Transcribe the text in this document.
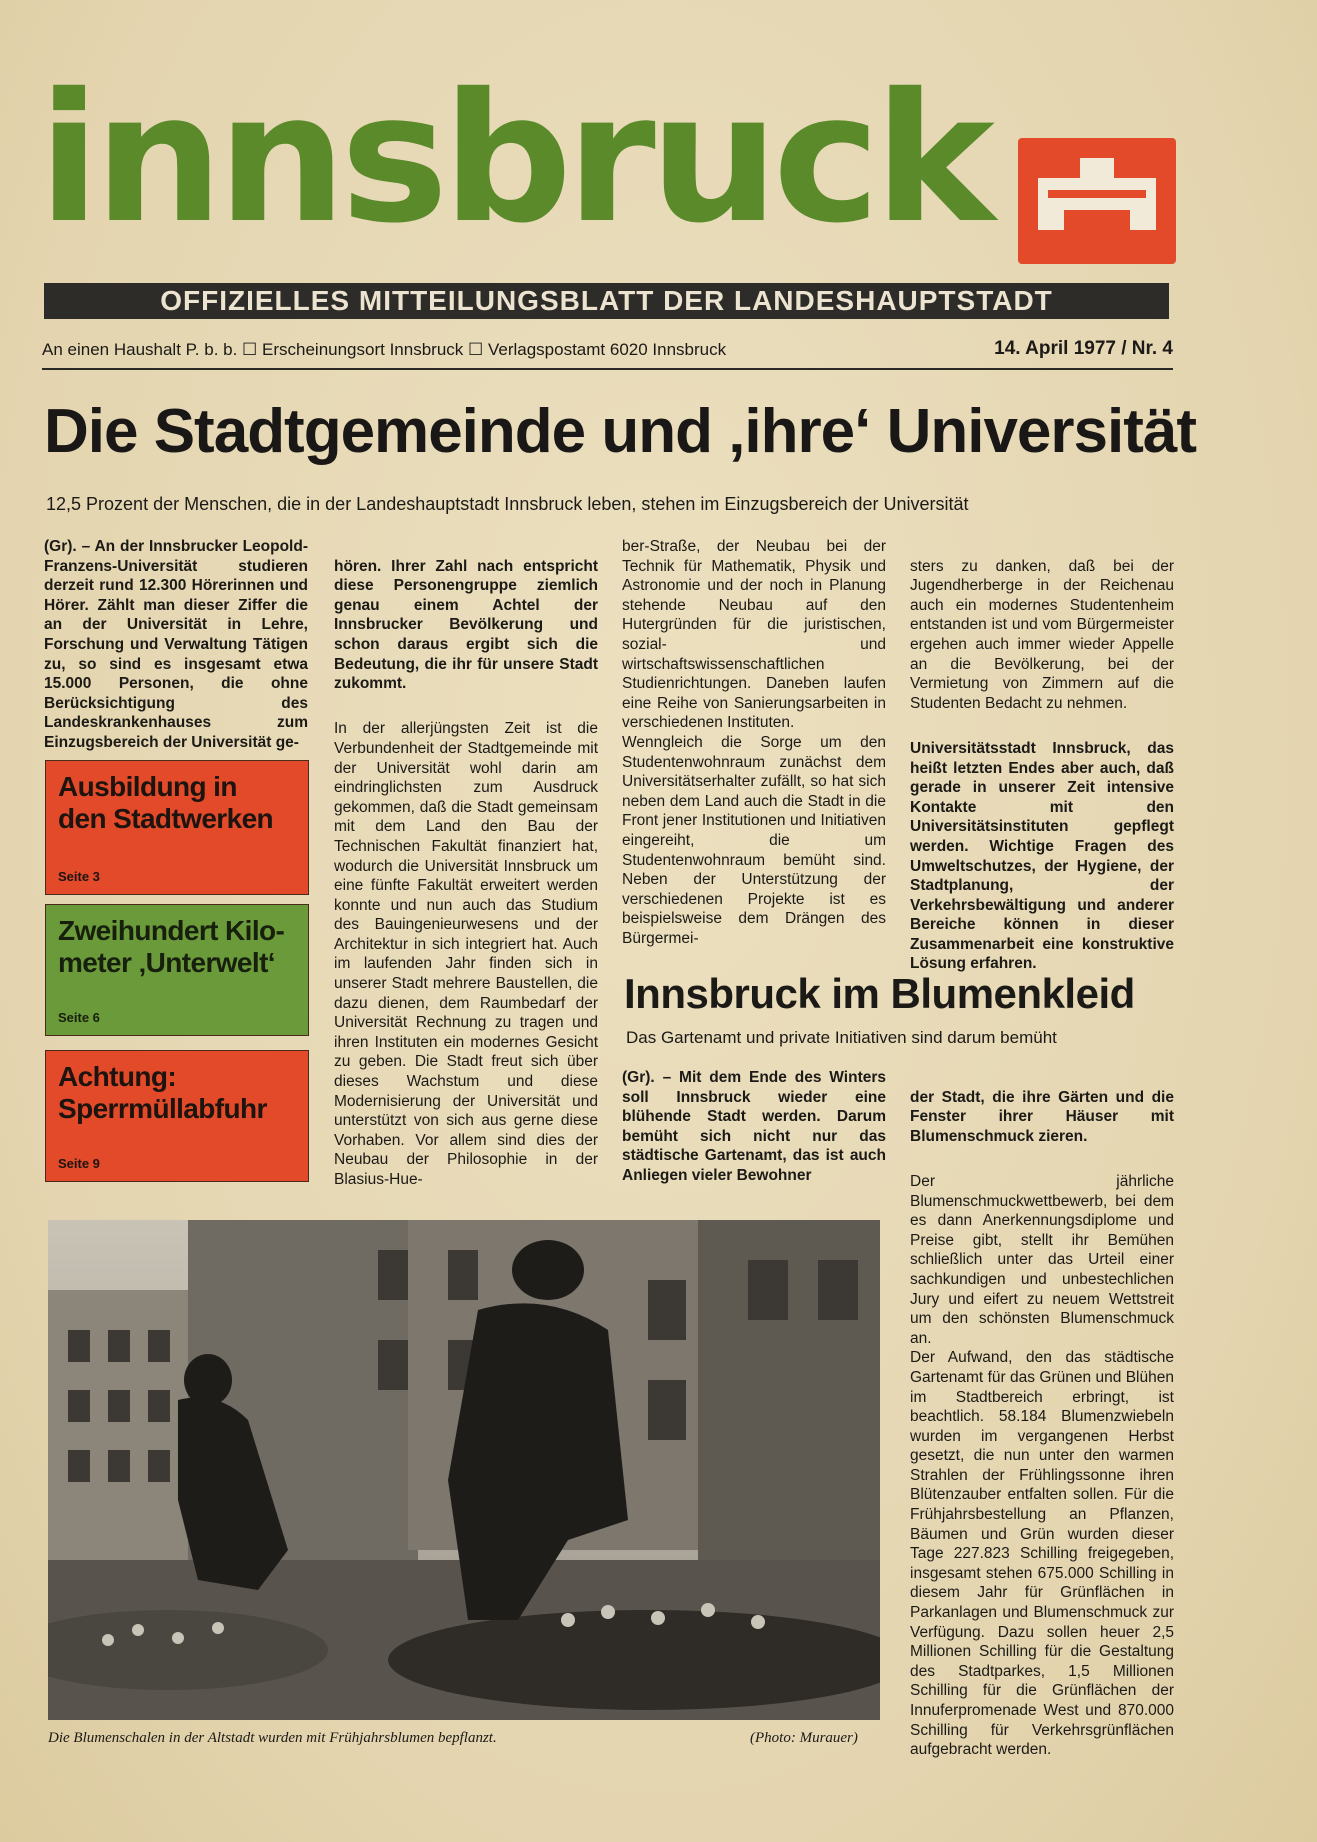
innsbruck
OFFIZIELLES MITTEILUNGSBLATT DER LANDESHAUPTSTADT
An einen Haushalt P. b. b. ☐ Erscheinungsort Innsbruck ☐ Verlagspostamt 6020 Innsbruck	14. April 1977 / Nr. 4
Die Stadtgemeinde und ‚ihre‘ Universität
12,5 Prozent der Menschen, die in der Landeshauptstadt Innsbruck leben, stehen im Einzugsbereich der Universität
(Gr). – An der Innsbrucker Leopold-Franzens-Universität studieren derzeit rund 12.300 Hörerinnen und Hörer. Zählt man dieser Ziffer die an der Universität in Lehre, Forschung und Verwaltung Tätigen zu, so sind es insgesamt etwa 15.000 Personen, die ohne Berücksichtigung des Landeskrankenhauses zum Einzugsbereich der Universität ge-

hören. Ihrer Zahl nach entspricht diese Personengruppe ziemlich genau einem Achtel der Innsbrucker Bevölkerung und schon daraus ergibt sich die Bedeutung, die ihr für unsere Stadt zukommt.

In der allerjüngsten Zeit ist die Verbundenheit der Stadtgemeinde mit der Universität wohl darin am eindringlichsten zum Ausdruck gekommen, daß die Stadt gemeinsam mit dem Land den Bau der Technischen Fakultät finanziert hat, wodurch die Universität Innsbruck um eine fünfte Fakultät erweitert werden konnte und nun auch das Studium des Bauingenieurwesens und der Architektur in sich integriert hat. Auch im laufenden Jahr finden sich in unserer Stadt mehrere Baustellen, die dazu dienen, dem Raumbedarf der Universität Rechnung zu tragen und ihren Instituten ein modernes Gesicht zu geben. Die Stadt freut sich über dieses Wachstum und diese Modernisierung der Universität und unterstützt von sich aus gerne diese Vorhaben. Vor allem sind dies der Neubau der Philosophie in der Blasius-Hue-

ber-Straße, der Neubau bei der Technik für Mathematik, Physik und Astronomie und der noch in Planung stehende Neubau auf den Hutergründen für die juristischen, sozial- und wirtschaftswissenschaftlichen Studienrichtungen. Daneben laufen eine Reihe von Sanierungsarbeiten in verschiedenen Instituten.
Wenngleich die Sorge um den Studentenwohnraum zunächst dem Universitätserhalter zufällt, so hat sich neben dem Land auch die Stadt in die Front jener Institutionen und Initiativen eingereiht, die um Studentenwohnraum bemüht sind. Neben der Unterstützung der verschiedenen Projekte ist es beispielsweise dem Drängen des Bürgermei-

sters zu danken, daß bei der Jugendherberge in der Reichenau auch ein modernes Studentenheim entstanden ist und vom Bürgermeister ergehen auch immer wieder Appelle an die Bevölkerung, bei der Vermietung von Zimmern auf die Studenten Bedacht zu nehmen.

Universitätsstadt Innsbruck, das heißt letzten Endes aber auch, daß gerade in unserer Zeit intensive Kontakte mit den Universitätsinstituten gepflegt werden. Wichtige Fragen des Umweltschutzes, der Hygiene, der Stadtplanung, der Verkehrsbewältigung und anderer Bereiche können in dieser Zusammenarbeit eine konstruktive Lösung erfahren.

Ausbildung in
den Stadtwerken
Seite 3
Zweihundert Kilo-
meter ‚Unterwelt‘
Seite 6
Achtung:
Sperrmüllabfuhr
Seite 9
Innsbruck im Blumenkleid
Das Gartenamt und private Initiativen sind darum bemüht
(Gr). – Mit dem Ende des Winters soll Innsbruck wieder eine blühende Stadt werden. Darum bemüht sich nicht nur das städtische Gartenamt, das ist auch Anliegen vieler Bewohner

der Stadt, die ihre Gärten und die Fenster ihrer Häuser mit Blumenschmuck zieren.

Der jährliche Blumenschmuckwettbewerb, bei dem es dann Anerkennungsdiplome und Preise gibt, stellt ihr Bemühen schließlich unter das Urteil einer sachkundigen und unbestechlichen Jury und eifert zu neuem Wettstreit um den schönsten Blumenschmuck an.
Der Aufwand, den das städtische Gartenamt für das Grünen und Blühen im Stadtbereich erbringt, ist beachtlich. 58.184 Blumenzwiebeln wurden im vergangenen Herbst gesetzt, die nun unter den warmen Strahlen der Frühlingssonne ihren Blütenzauber entfalten sollen. Für die Frühjahrsbestellung an Pflanzen, Bäumen und Grün wurden dieser Tage 227.823 Schilling freigegeben, insgesamt stehen 675.000 Schilling in diesem Jahr für Grünflächen in Parkanlagen und Blumenschmuck zur Verfügung. Dazu sollen heuer 2,5 Millionen Schilling für die Gestaltung des Stadtparkes, 1,5 Millionen Schilling für die Grünflächen der Innuferpromenade West und 870.000 Schilling für Verkehrsgrünflächen aufgebracht werden.

Die Blumenschalen in der Altstadt wurden mit Frühjahrsblumen bepflanzt.	(Photo: Murauer)
